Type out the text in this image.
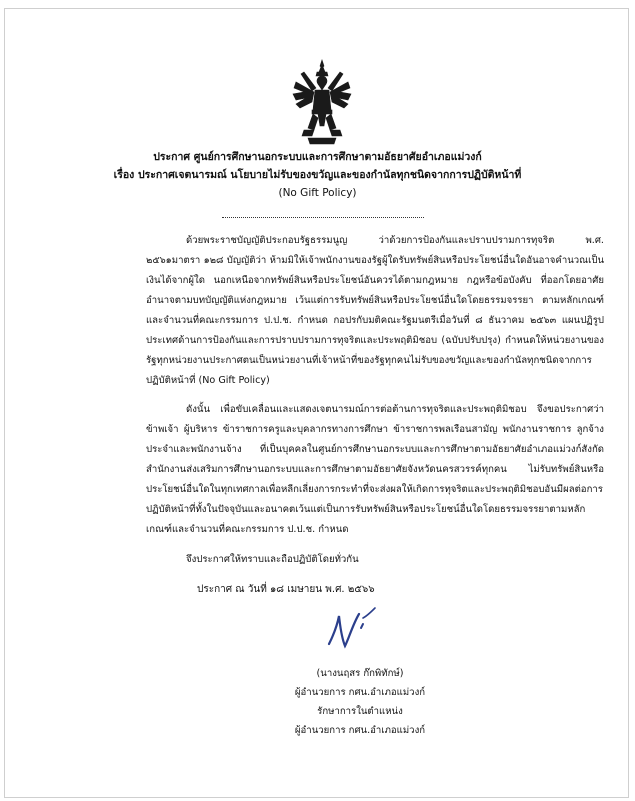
ประกาศ ศูนย์การศึกษานอกระบบและการศึกษาตามอัธยาศัยอำเภอแม่วงก์
เรื่อง ประกาศเจตนารมณ์ นโยบายไม่รับของขวัญและของกำนัลทุกชนิดจากการปฏิบัติหน้าที่
(No Gift Policy)

ด้วยพระราชบัญญัติประกอบรัฐธรรมนูญ ว่าด้วยการป้องกันและปราบปรามการทุจริต พ.ศ. ๒๕๖๑มาตรา ๑๒๘ บัญญัติว่า ห้ามมิให้เจ้าพนักงานของรัฐผู้ใดรับทรัพย์สินหรือประโยชน์อื่นใดอันอาจคำนวณเป็นเงินได้จากผู้ใด นอกเหนือจากทรัพย์สินหรือประโยชน์อันควรได้ตามกฎหมาย กฎหรือข้อบังคับ ที่ออกโดยอาศัยอำนาจตามบทบัญญัติแห่งกฎหมาย เว้นแต่การรับทรัพย์สินหรือประโยชน์อื่นใดโดยธรรมจรรยา ตามหลักเกณฑ์และจำนวนที่คณะกรรมการ ป.ป.ช. กำหนด กอปรกับมติคณะรัฐมนตรีเมื่อวันที่ ๘ ธันวาคม ๒๕๖๓ แผนปฏิรูปประเทศด้านการป้องกันและการปราบปรามการทุจริตและประพฤติมิชอบ (ฉบับปรับปรุง) กำหนดให้หน่วยงานของรัฐทุกหน่วยงานประกาศตนเป็นหน่วยงานที่เจ้าหน้าที่ของรัฐทุกคนไม่รับของขวัญและของกำนัลทุกชนิดจากการปฏิบัติหน้าที่ (No Gift Policy)

ดังนั้น เพื่อขับเคลื่อนและแสดงเจตนารมณ์การต่อต้านการทุจริตและประพฤติมิชอบ จึงขอประกาศว่า ข้าพเจ้า ผู้บริหาร ข้าราชการครูและบุคลากรทางการศึกษา ข้าราชการพลเรือนสามัญ พนักงานราชการ ลูกจ้างประจำและพนักงานจ้าง ที่เป็นบุคคลในศูนย์การศึกษานอกระบบและการศึกษาตามอัธยาศัยอำเภอแม่วงก์สังกัดสำนักงานส่งเสริมการศึกษานอกระบบและการศึกษาตามอัธยาศัยจังหวัดนครสวรรค์ทุกคน ไม่รับทรัพย์สินหรือประโยชน์อื่นใดในทุกเทศกาลเพื่อหลีกเลี่ยงการกระทำที่จะส่งผลให้เกิดการทุจริตและประพฤติมิชอบอันมีผลต่อการปฏิบัติหน้าที่ทั้งในปัจจุบันและอนาคตเว้นแต่เป็นการรับทรัพย์สินหรือประโยชน์อื่นใดโดยธรรมจรรยาตามหลักเกณฑ์และจำนวนที่คณะกรรมการ ป.ป.ช. กำหนด

จึงประกาศให้ทราบและถือปฏิบัติโดยทั่วกัน

ประกาศ ณ วันที่ ๑๘ เมษายน พ.ศ. ๒๕๖๖
(นางนฤสร ก๊กพิทักษ์)
ผู้อำนวยการ กศน.อำเภอแม่วงก์
รักษาการในตำแหน่ง
ผู้อำนวยการ กศน.อำเภอแม่วงก์
